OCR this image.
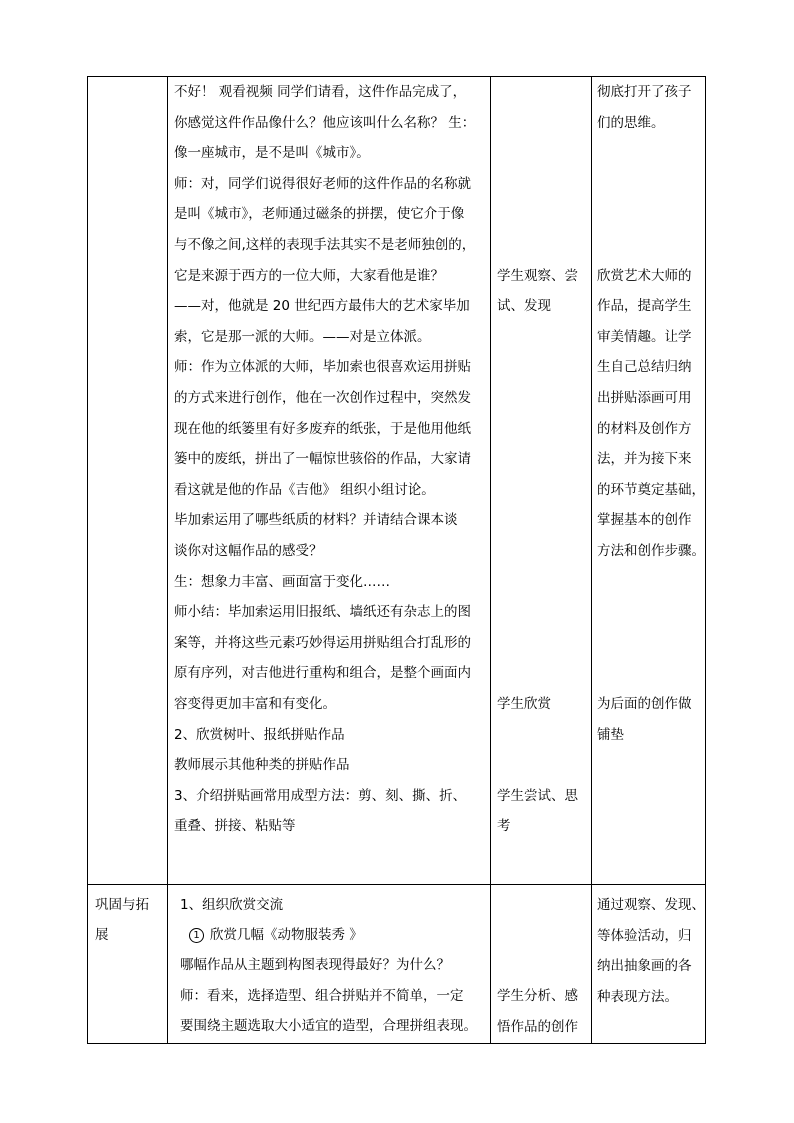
不好！ 观看视频 同学们请看，这件作品完成了，
你感觉这件作品像什么？他应该叫什么名称？ 生：
像一座城市，是不是叫《城市》。
师：对，同学们说得很好老师的这件作品的名称就
是叫《城市》，老师通过磁条的拼摆，使它介于像
与不像之间,这样的表现手法其实不是老师独创的，
它是来源于西方的一位大师，大家看他是谁？
——对，他就是 20 世纪西方最伟大的艺术家毕加
索，它是那一派的大师。——对是立体派。
师：作为立体派的大师，毕加索也很喜欢运用拼贴
的方式来进行创作，他在一次创作过程中，突然发
现在他的纸篓里有好多废弃的纸张，于是他用他纸
篓中的废纸，拼出了一幅惊世骇俗的作品，大家请
看这就是他的作品《吉他》 组织小组讨论。
毕加索运用了哪些纸质的材料？并请结合课本谈
谈你对这幅作品的感受？
生：想象力丰富、画面富于变化……
师小结：毕加索运用旧报纸、墙纸还有杂志上的图
案等，并将这些元素巧妙得运用拼贴组合打乱形的
原有序列，对吉他进行重构和组合，是整个画面内
容变得更加丰富和有变化。
2、欣赏树叶、报纸拼贴作品
教师展示其他种类的拼贴作品
3、介绍拼贴画常用成型方法：剪、刻、撕、折、
重叠、拼接、粘贴等
学生观察、尝
试、发现
学生欣赏
学生尝试、思
考
彻底打开了孩子
们的思维。
欣赏艺术大师的
作品，提高学生
审美情趣。让学
生自己总结归纳
出拼贴添画可用
的材料及创作方
法，并为接下来
的环节奠定基础，
掌握基本的创作
方法和创作步骤。
为后面的创作做
铺垫
巩固与拓
展
1、组织欣赏交流
1 欣赏几幅《动物服装秀 》
哪幅作品从主题到构图表现得最好？为什么？
师：看来，选择造型、组合拼贴并不简单，一定
要围绕主题选取大小适宜的造型，合理拼组表现。
学生分析、感
悟作品的创作
通过观察、发现、
等体验活动，归
纳出抽象画的各
种表现方法。
